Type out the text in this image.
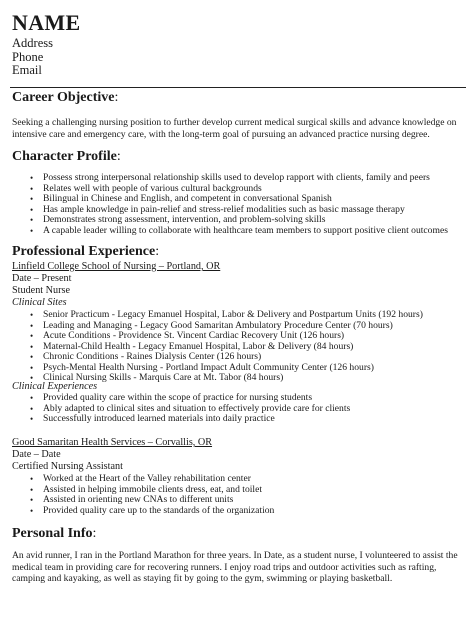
NAME
Address
Phone
Email
Career Objective:
Seeking a challenging nursing position to further develop current medical surgical skills and advance knowledge on intensive care and emergency care, with the long-term goal of pursuing an advanced practice nursing degree.
Character Profile:
• Possess strong interpersonal relationship skills used to develop rapport with clients, family and peers
• Relates well with people of various cultural backgrounds
• Bilingual in Chinese and English, and competent in conversational Spanish
• Has ample knowledge in pain-relief and stress-relief modalities such as basic massage therapy
• Demonstrates strong assessment, intervention, and problem-solving skills
• A capable leader willing to collaborate with healthcare team members to support positive client outcomes
Professional Experience:
Linfield College School of Nursing – Portland, OR
Date – Present
Student Nurse
Clinical Sites
• Senior Practicum - Legacy Emanuel Hospital, Labor & Delivery and Postpartum Units (192 hours)
• Leading and Managing - Legacy Good Samaritan Ambulatory Procedure Center (70 hours)
• Acute Conditions - Providence St. Vincent Cardiac Recovery Unit (126 hours)
• Maternal-Child Health - Legacy Emanuel Hospital, Labor & Delivery (84 hours)
• Chronic Conditions - Raines Dialysis Center (126 hours)
• Psych-Mental Health Nursing - Portland Impact Adult Community Center (126 hours)
• Clinical Nursing Skills - Marquis Care at Mt. Tabor (84 hours)
Clinical Experiences
• Provided quality care within the scope of practice for nursing students
• Ably adapted to clinical sites and situation to effectively provide care for clients
• Successfully introduced learned materials into daily practice
Good Samaritan Health Services – Corvallis, OR
Date – Date
Certified Nursing Assistant
• Worked at the Heart of the Valley rehabilitation center
• Assisted in helping immobile clients dress, eat, and toilet
• Assisted in orienting new CNAs to different units
• Provided quality care up to the standards of the organization
Personal Info:
An avid runner, I ran in the Portland Marathon for three years. In Date, as a student nurse, I volunteered to assist the medical team in providing care for recovering runners. I enjoy road trips and outdoor activities such as rafting, camping and kayaking, as well as staying fit by going to the gym, swimming or playing basketball.
